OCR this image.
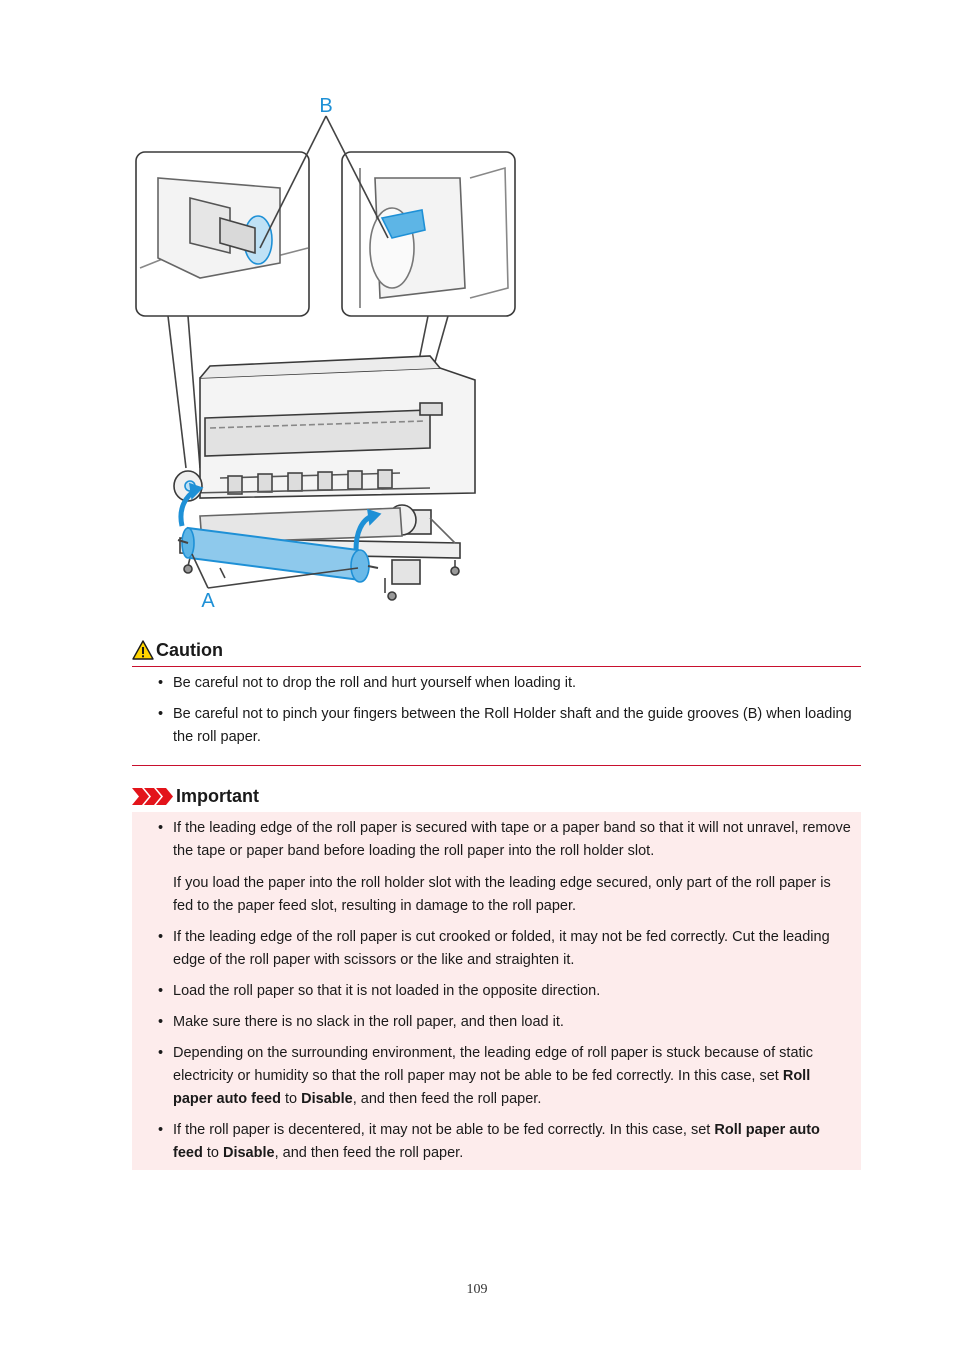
B
A
Caution
• Be careful not to drop the roll and hurt yourself when loading it.
• Be careful not to pinch your fingers between the Roll Holder shaft and the guide grooves (B) when loading the roll paper.
Important
• If the leading edge of the roll paper is secured with tape or a paper band so that it will not unravel, remove the tape or paper band before loading the roll paper into the roll holder slot.
If you load the paper into the roll holder slot with the leading edge secured, only part of the roll paper is fed to the paper feed slot, resulting in damage to the roll paper.
• If the leading edge of the roll paper is cut crooked or folded, it may not be fed correctly. Cut the leading edge of the roll paper with scissors or the like and straighten it.
• Load the roll paper so that it is not loaded in the opposite direction.
• Make sure there is no slack in the roll paper, and then load it.
• Depending on the surrounding environment, the leading edge of roll paper is stuck because of static electricity or humidity so that the roll paper may not be able to be fed correctly. In this case, set Roll paper auto feed to Disable, and then feed the roll paper.
• If the roll paper is decentered, it may not be able to be fed correctly. In this case, set Roll paper auto feed to Disable, and then feed the roll paper.
109
